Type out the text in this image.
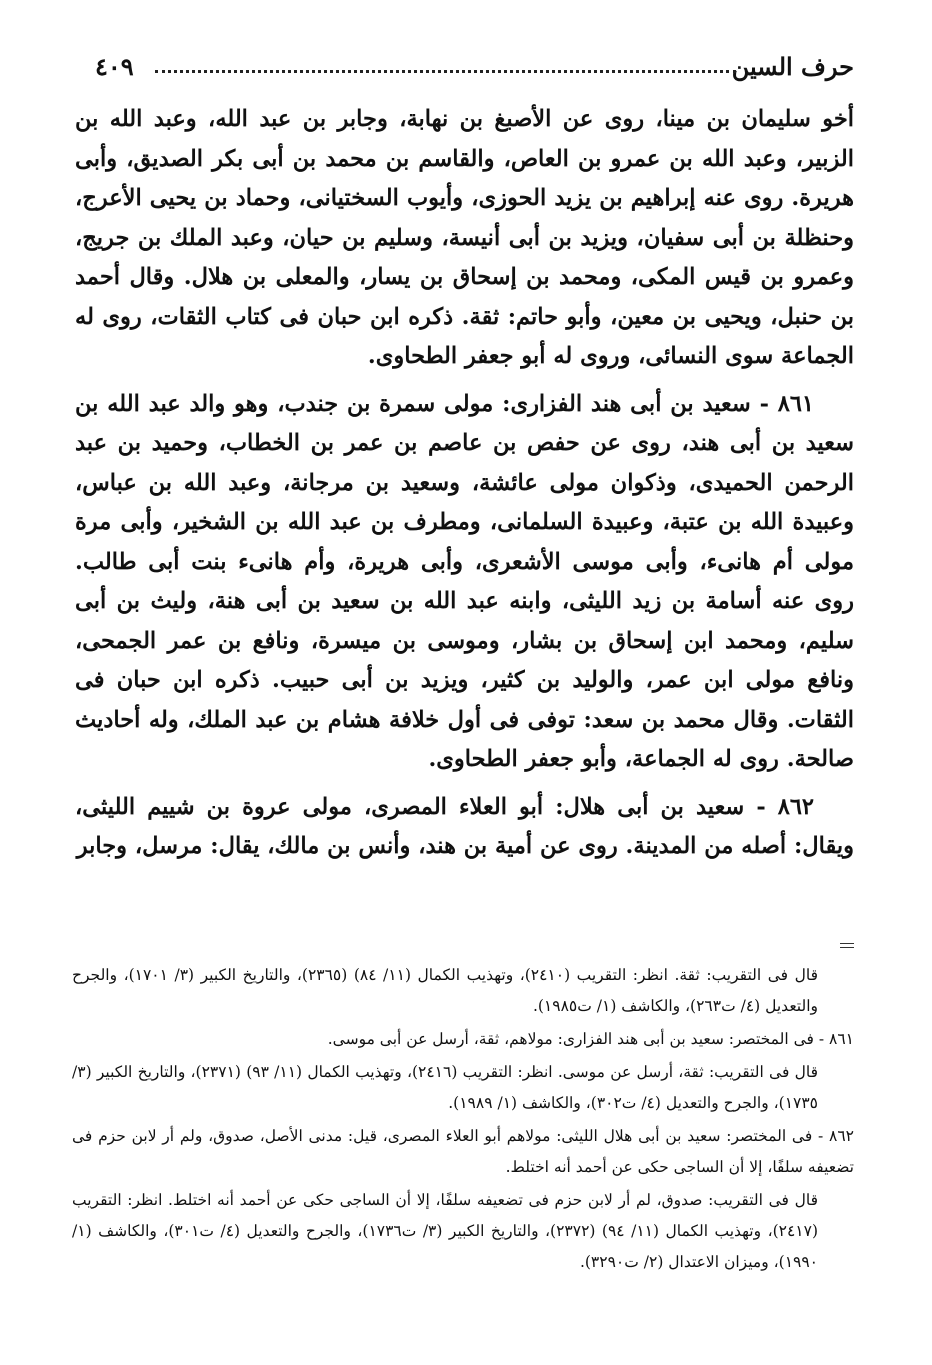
حرف السين
٤٠٩

أخو سليمان بن مينا، روى عن الأصبغ بن نهابة، وجابر بن عبد الله، وعبد الله بن الزبير، وعبد الله بن عمرو بن العاص، والقاسم بن محمد بن أبى بكر الصديق، وأبى هريرة. روى عنه إبراهيم بن يزيد الحوزى، وأيوب السختيانى، وحماد بن يحيى الأعرج، وحنظلة بن أبى سفيان، ويزيد بن أبى أنيسة، وسليم بن حيان، وعبد الملك بن جريج، وعمرو بن قيس المكى، ومحمد بن إسحاق بن يسار، والمعلى بن هلال. وقال أحمد بن حنبل، ويحيى بن معين، وأبو حاتم: ثقة. ذكره ابن حبان فى كتاب الثقات، روى له الجماعة سوى النسائى، وروى له أبو جعفر الطحاوى.

٨٦١ - سعيد بن أبى هند الفزارى: مولى سمرة بن جندب، وهو والد عبد الله بن سعيد بن أبى هند، روى عن حفص بن عاصم بن عمر بن الخطاب، وحميد بن عبد الرحمن الحميدى، وذكوان مولى عائشة، وسعيد بن مرجانة، وعبد الله بن عباس، وعبيدة الله بن عتبة، وعبيدة السلمانى، ومطرف بن عبد الله بن الشخير، وأبى مرة مولى أم هانىء، وأبى موسى الأشعرى، وأبى هريرة، وأم هانىء بنت أبى طالب. روى عنه أسامة بن زيد الليثى، وابنه عبد الله بن سعيد بن أبى هنة، وليث بن أبى سليم، ومحمد ابن إسحاق بن بشار، وموسى بن ميسرة، ونافع بن عمر الجمحى، ونافع مولى ابن عمر، والوليد بن كثير، ويزيد بن أبى حبيب. ذكره ابن حبان فى الثقات. وقال محمد بن سعد: توفى فى أول خلافة هشام بن عبد الملك، وله أحاديث صالحة. روى له الجماعة، وأبو جعفر الطحاوى.

٨٦٢ - سعيد بن أبى هلال: أبو العلاء المصرى، مولى عروة بن شييم الليثى، ويقال: أصله من المدينة. روى عن أمية بن هند، وأنس بن مالك، يقال: مرسل، وجابر

قال فى التقريب: ثقة. انظر: التقريب (٢٤١٠)، وتهذيب الكمال (١١/ ٨٤) (٢٣٦٥)، والتاريخ الكبير (٣/ ١٧٠١)، والجرح والتعديل (٤/ ت٢٦٣)، والكاشف (١/ ت١٩٨٥).

٨٦١ - فى المختصر: سعيد بن أبى هند الفزارى: مولاهم، ثقة، أرسل عن أبى موسى.

قال فى التقريب: ثقة، أرسل عن موسى. انظر: التقريب (٢٤١٦)، وتهذيب الكمال (١١/ ٩٣) (٢٣٧١)، والتاريخ الكبير (٣/ ١٧٣٥)، والجرح والتعديل (٤/ ت٣٠٢)، والكاشف (١/ ١٩٨٩).

٨٦٢ - فى المختصر: سعيد بن أبى هلال الليثى: مولاهم أبو العلاء المصرى، قيل: مدنى الأصل، صدوق، ولم أر لابن حزم فى تضعيفه سلفًا، إلا أن الساجى حكى عن أحمد أنه اختلط.

قال فى التقريب: صدوق، لم أر لابن حزم فى تضعيفه سلفًا، إلا أن الساجى حكى عن أحمد أنه اختلط. انظر: التقريب (٢٤١٧)، وتهذيب الكمال (١١/ ٩٤) (٢٣٧٢)، والتاريخ الكبير (٣/ ت١٧٣٦)، والجرح والتعديل (٤/ ت٣٠١)، والكاشف (١/ ١٩٩٠)، وميزان الاعتدال (٢/ ت٣٢٩٠).
